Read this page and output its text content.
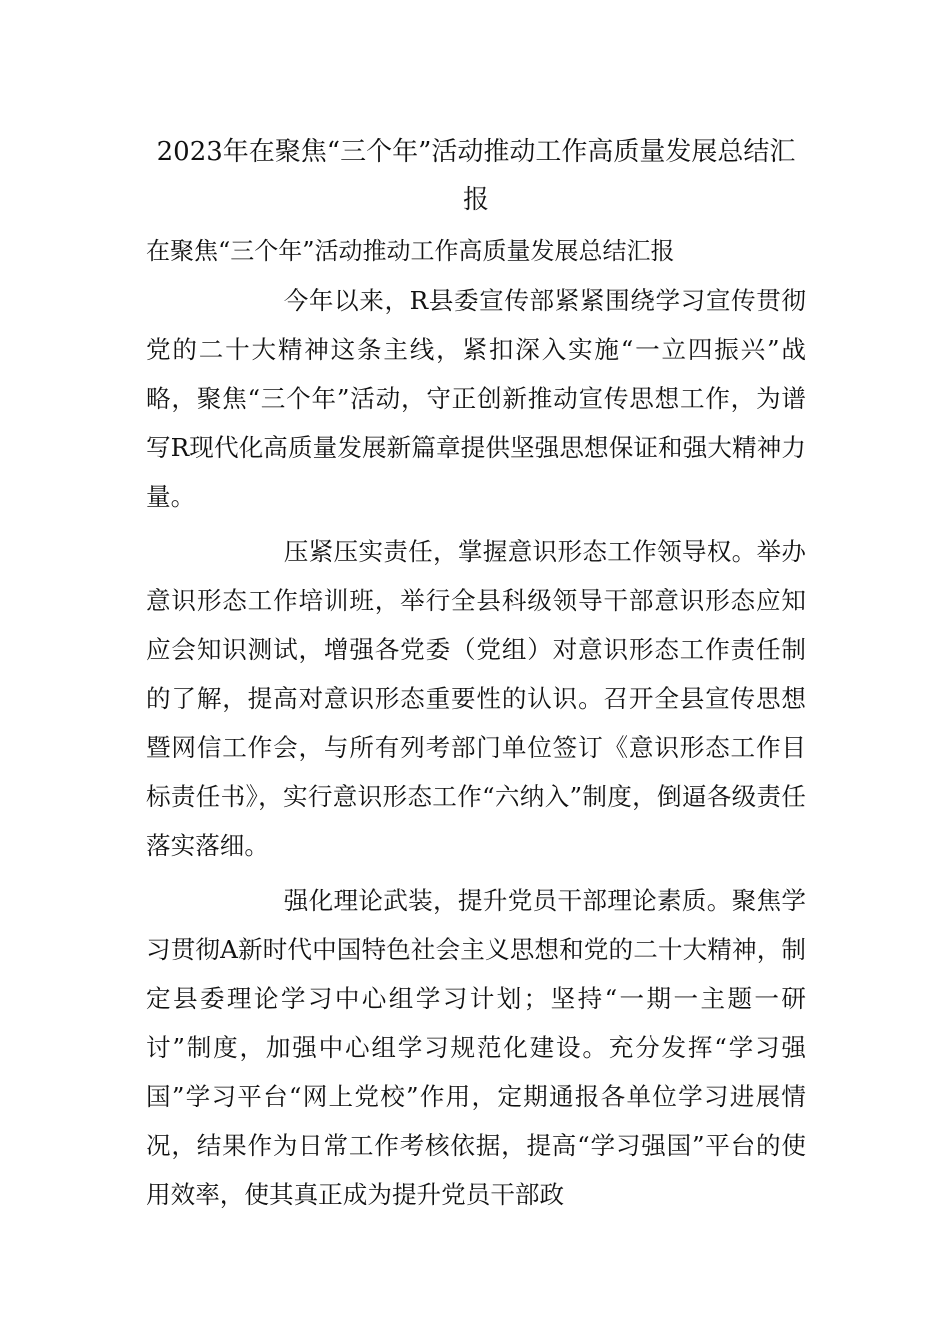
2023年在聚焦“三个年”活动推动工作高质量发展总结汇报
在聚焦“三个年”活动推动工作高质量发展总结汇报

今年以来，R县委宣传部紧紧围绕学习宣传贯彻党的二十大精神这条主线，紧扣深入实施“一立四振兴”战略，聚焦“三个年”活动，守正创新推动宣传思想工作，为谱写R现代化高质量发展新篇章提供坚强思想保证和强大精神力量。

压紧压实责任，掌握意识形态工作领导权。举办意识形态工作培训班，举行全县科级领导干部意识形态应知应会知识测试，增强各党委（党组）对意识形态工作责任制的了解，提高对意识形态重要性的认识。召开全县宣传思想暨网信工作会，与所有列考部门单位签订《意识形态工作目标责任书》，实行意识形态工作“六纳入”制度，倒逼各级责任落实落细。

强化理论武装，提升党员干部理论素质。聚焦学习贯彻A新时代中国特色社会主义思想和党的二十大精神，制定县委理论学习中心组学习计划；坚持“一期一主题一研讨”制度，加强中心组学习规范化建设。充分发挥“学习强国”学习平台“网上党校”作用，定期通报各单位学习进展情况，结果作为日常工作考核依据，提高“学习强国”平台的使用效率，使其真正成为提升党员干部政
